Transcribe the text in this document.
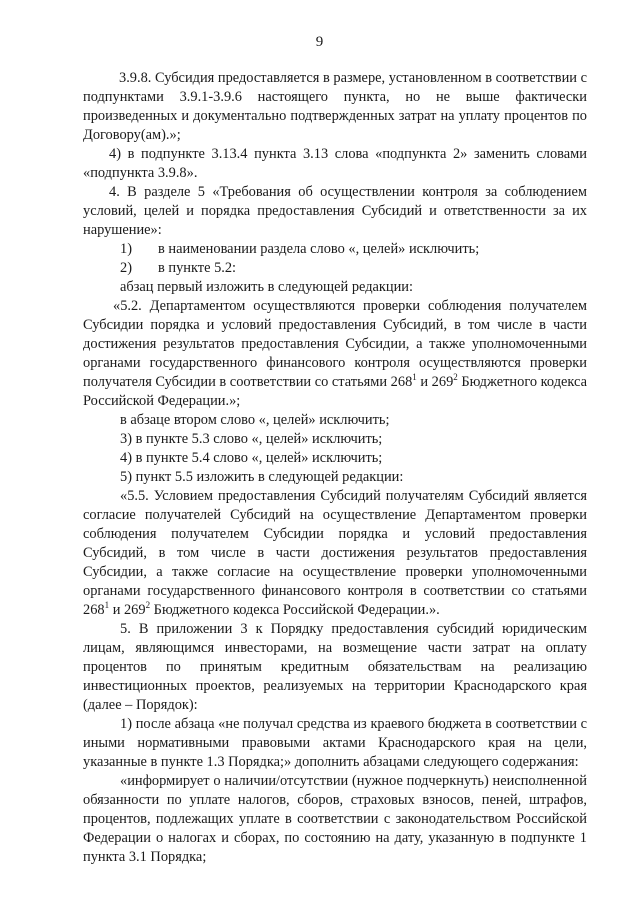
9

3.9.8. Субсидия предоставляется в размере, установленном в соответствии с подпунктами 3.9.1-3.9.6 настоящего пункта, но не выше фактически произведенных и документально подтвержденных затрат на уплату процентов по Договору(ам).»;

4) в подпункте 3.13.4 пункта 3.13 слова «подпункта 2» заменить словами «подпункта 3.9.8».

4. В разделе 5 «Требования об осуществлении контроля за соблюдением условий, целей и порядка предоставления Субсидий и ответственности за их нарушение»:

1) в наименовании раздела слово «, целей» исключить;

2) в пункте 5.2:

абзац первый изложить в следующей редакции:

«5.2. Департаментом осуществляются проверки соблюдения получателем Субсидии порядка и условий предоставления Субсидий, в том числе в части достижения результатов предоставления Субсидии, а также уполномоченными органами государственного финансового контроля осуществляются проверки получателя Субсидии в соответствии со статьями $268^1$ и $269^2$ Бюджетного кодекса Российской Федерации.»;

в абзаце втором слово «, целей» исключить;

3) в пункте 5.3 слово «, целей» исключить;

4) в пункте 5.4 слово «, целей» исключить;

5) пункт 5.5 изложить в следующей редакции:

«5.5. Условием предоставления Субсидий получателям Субсидий является согласие получателей Субсидий на осуществление Департаментом проверки соблюдения получателем Субсидии порядка и условий предоставления Субсидий, в том числе в части достижения результатов предоставления Субсидии, а также согласие на осуществление проверки уполномоченными органами государственного финансового контроля в соответствии со статьями $268^1$ и $269^2$ Бюджетного кодекса Российской Федерации.».

5. В приложении 3 к Порядку предоставления субсидий юридическим лицам, являющимся инвесторами, на возмещение части затрат на оплату процентов по принятым кредитным обязательствам на реализацию инвестиционных проектов, реализуемых на территории Краснодарского края (далее – Порядок):

1) после абзаца «не получал средства из краевого бюджета в соответствии с иными нормативными правовыми актами Краснодарского края на цели, указанные в пункте 1.3 Порядка;» дополнить абзацами следующего содержания:

«информирует о наличии/отсутствии (нужное подчеркнуть) неисполненной обязанности по уплате налогов, сборов, страховых взносов, пеней, штрафов, процентов, подлежащих уплате в соответствии с законодательством Российской Федерации о налогах и сборах, по состоянию на дату, указанную в подпункте 1 пункта 3.1 Порядка;
